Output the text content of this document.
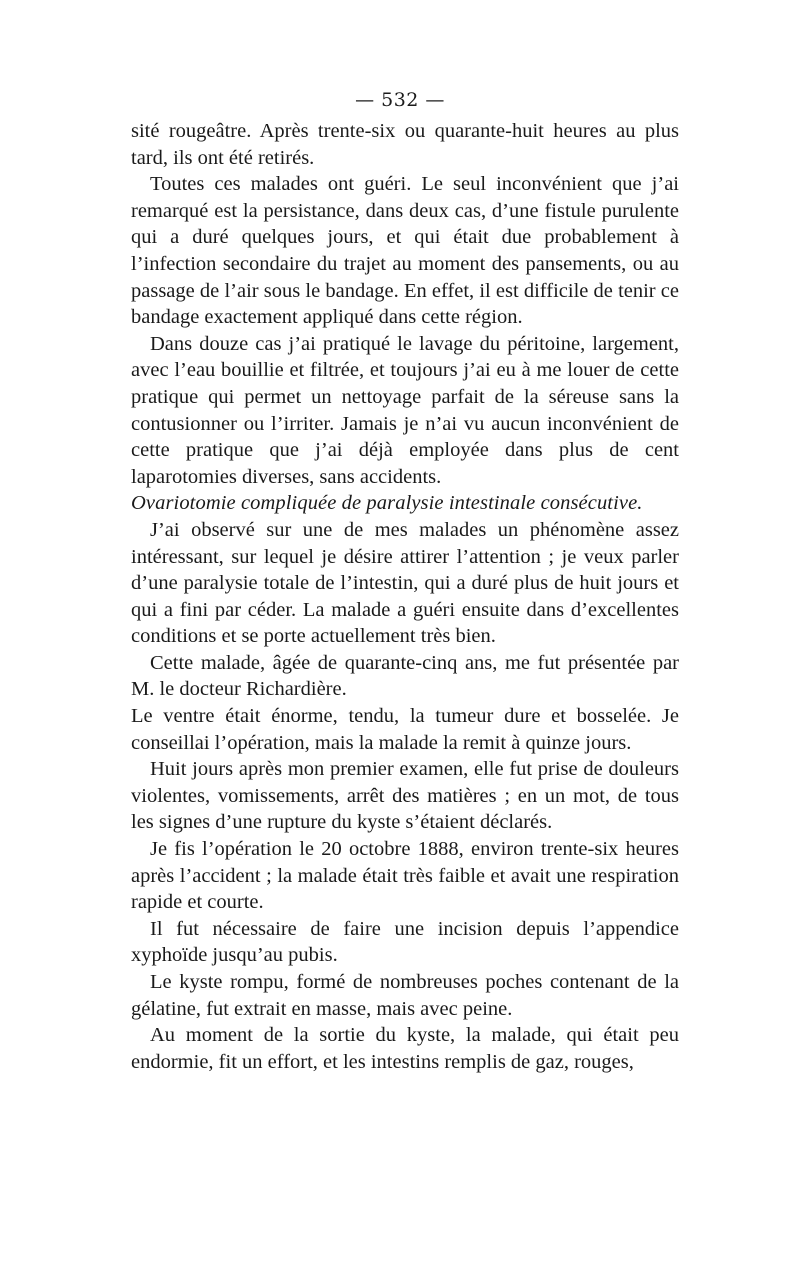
— 532 —

sité rougeâtre. Après trente-six ou quarante-huit heures au plus tard, ils ont été retirés.

Toutes ces malades ont guéri. Le seul inconvénient que j’ai remarqué est la persistance, dans deux cas, d’une fistule purulente qui a duré quelques jours, et qui était due probablement à l’infection secondaire du trajet au moment des pansements, ou au passage de l’air sous le bandage. En effet, il est difficile de tenir ce bandage exactement appliqué dans cette région.

Dans douze cas j’ai pratiqué le lavage du péritoine, largement, avec l’eau bouillie et filtrée, et toujours j’ai eu à me louer de cette pratique qui permet un nettoyage parfait de la séreuse sans la contusionner ou l’irriter. Jamais je n’ai vu aucun inconvénient de cette pratique que j’ai déjà employée dans plus de cent laparotomies diverses, sans accidents.

Ovariotomie compliquée de paralysie intestinale consécutive.

J’ai observé sur une de mes malades un phénomène assez intéressant, sur lequel je désire attirer l’attention ; je veux parler d’une paralysie totale de l’intestin, qui a duré plus de huit jours et qui a fini par céder. La malade a guéri ensuite dans d’excellentes conditions et se porte actuellement très bien.

Cette malade, âgée de quarante-cinq ans, me fut présentée par M. le docteur Richardière.

Le ventre était énorme, tendu, la tumeur dure et bosselée. Je conseillai l’opération, mais la malade la remit à quinze jours.

Huit jours après mon premier examen, elle fut prise de douleurs violentes, vomissements, arrêt des matières ; en un mot, de tous les signes d’une rupture du kyste s’étaient déclarés.

Je fis l’opération le 20 octobre 1888, environ trente-six heures après l’accident ; la malade était très faible et avait une respiration rapide et courte.

Il fut nécessaire de faire une incision depuis l’appendice xyphoïde jusqu’au pubis.

Le kyste rompu, formé de nombreuses poches contenant de la gélatine, fut extrait en masse, mais avec peine.

Au moment de la sortie du kyste, la malade, qui était peu endormie, fit un effort, et les intestins remplis de gaz, rouges,
